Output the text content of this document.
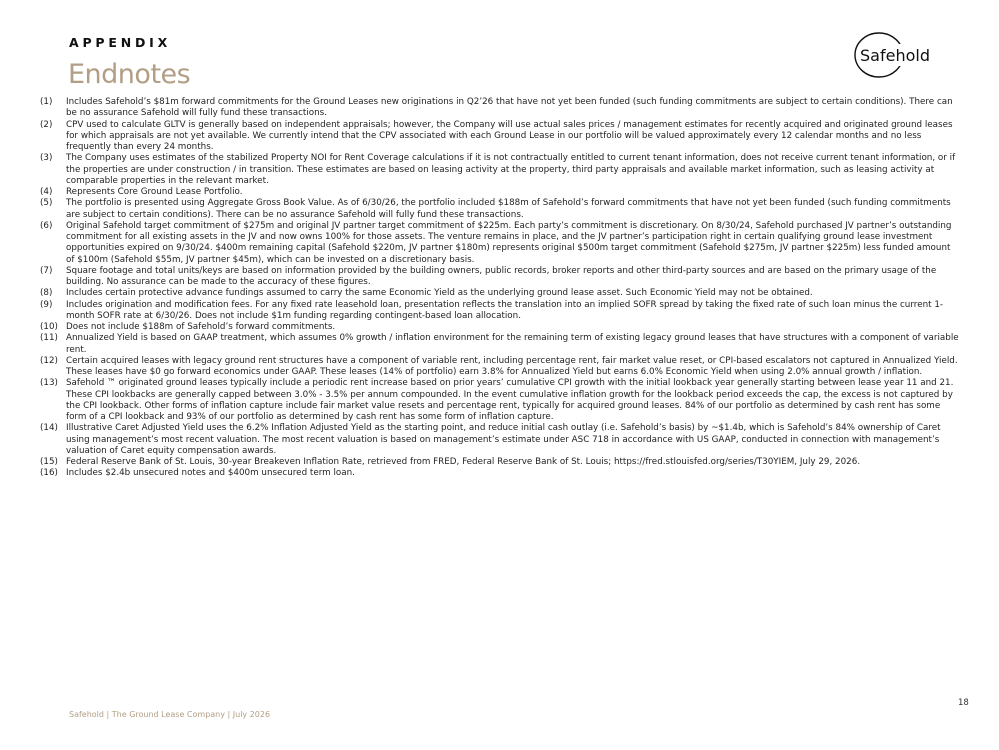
APPENDIX
Endnotes
Safehold
(1) Includes Safehold’s $81m forward commitments for the Ground Leases new originations in Q2’26 that have not yet been funded (such funding commitments are subject to certain conditions). There can be no assurance Safehold will fully fund these transactions.
(2) CPV used to calculate GLTV is generally based on independent appraisals; however, the Company will use actual sales prices / management estimates for recently acquired and originated ground leases for which appraisals are not yet available. We currently intend that the CPV associated with each Ground Lease in our portfolio will be valued approximately every 12 calendar months and no less frequently than every 24 months.
(3) The Company uses estimates of the stabilized Property NOI for Rent Coverage calculations if it is not contractually entitled to current tenant information, does not receive current tenant information, or if the properties are under construction / in transition. These estimates are based on leasing activity at the property, third party appraisals and available market information, such as leasing activity at comparable properties in the relevant market.
(4) Represents Core Ground Lease Portfolio.
(5) The portfolio is presented using Aggregate Gross Book Value. As of 6/30/26, the portfolio included $188m of Safehold’s forward commitments that have not yet been funded (such funding commitments are subject to certain conditions). There can be no assurance Safehold will fully fund these transactions.
(6) Original Safehold target commitment of $275m and original JV partner target commitment of $225m. Each party’s commitment is discretionary. On 8/30/24, Safehold purchased JV partner’s outstanding commitment for all existing assets in the JV and now owns 100% for those assets. The venture remains in place, and the JV partner’s participation right in certain qualifying ground lease investment opportunities expired on 9/30/24. $400m remaining capital (Safehold $220m, JV partner $180m) represents original $500m target commitment (Safehold $275m, JV partner $225m) less funded amount of $100m (Safehold $55m, JV partner $45m), which can be invested on a discretionary basis.
(7) Square footage and total units/keys are based on information provided by the building owners, public records, broker reports and other third-party sources and are based on the primary usage of the building. No assurance can be made to the accuracy of these figures.
(8) Includes certain protective advance fundings assumed to carry the same Economic Yield as the underlying ground lease asset. Such Economic Yield may not be obtained.
(9) Includes origination and modification fees. For any fixed rate leasehold loan, presentation reflects the translation into an implied SOFR spread by taking the fixed rate of such loan minus the current 1-month SOFR rate at 6/30/26. Does not include $1m funding regarding contingent-based loan allocation.
(10) Does not include $188m of Safehold’s forward commitments.
(11) Annualized Yield is based on GAAP treatment, which assumes 0% growth / inflation environment for the remaining term of existing legacy ground leases that have structures with a component of variable rent.
(12) Certain acquired leases with legacy ground rent structures have a component of variable rent, including percentage rent, fair market value reset, or CPI-based escalators not captured in Annualized Yield. These leases have $0 go forward economics under GAAP. These leases (14% of portfolio) earn 3.8% for Annualized Yield but earns 6.0% Economic Yield when using 2.0% annual growth / inflation.
(13) Safehold ™ originated ground leases typically include a periodic rent increase based on prior years’ cumulative CPI growth with the initial lookback year generally starting between lease year 11 and 21. These CPI lookbacks are generally capped between 3.0% - 3.5% per annum compounded. In the event cumulative inflation growth for the lookback period exceeds the cap, the excess is not captured by the CPI lookback. Other forms of inflation capture include fair market value resets and percentage rent, typically for acquired ground leases. 84% of our portfolio as determined by cash rent has some form of a CPI lookback and 93% of our portfolio as determined by cash rent has some form of inflation capture.
(14) Illustrative Caret Adjusted Yield uses the 6.2% Inflation Adjusted Yield as the starting point, and reduce initial cash outlay (i.e. Safehold’s basis) by ~$1.4b, which is Safehold’s 84% ownership of Caret using management’s most recent valuation. The most recent valuation is based on management’s estimate under ASC 718 in accordance with US GAAP, conducted in connection with management’s valuation of Caret equity compensation awards.
(15) Federal Reserve Bank of St. Louis, 30-year Breakeven Inflation Rate, retrieved from FRED, Federal Reserve Bank of St. Louis; https://fred.stlouisfed.org/series/T30YIEM, July 29, 2026.
(16) Includes $2.4b unsecured notes and $400m unsecured term loan.
18
Safehold | The Ground Lease Company | July 2026
